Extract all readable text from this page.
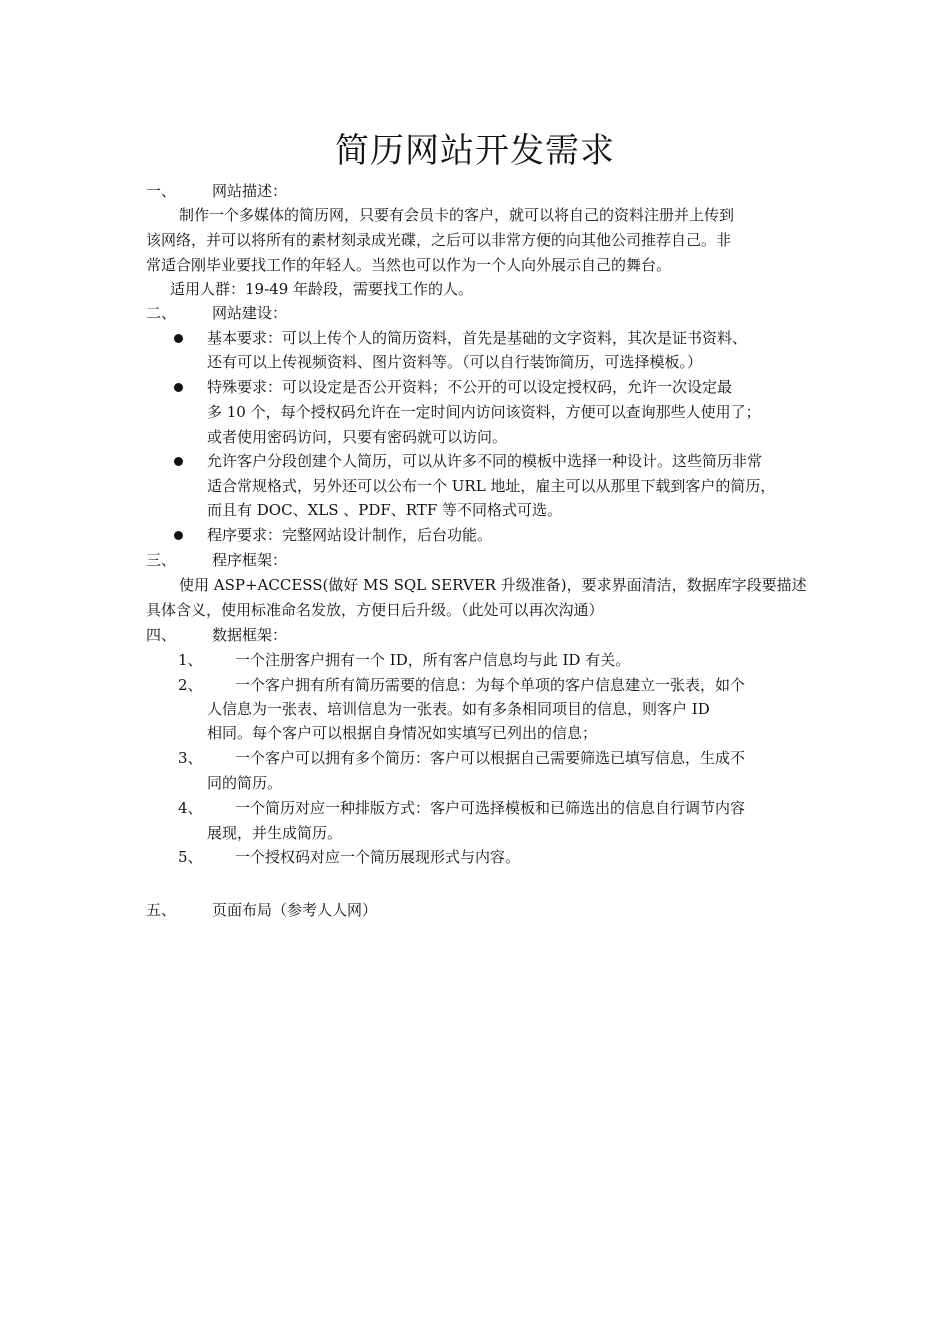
简历网站开发需求
一、 网站描述：
制作一个多媒体的简历网，只要有会员卡的客户，就可以将自己的资料注册并上传到
该网络，并可以将所有的素材刻录成光碟，之后可以非常方便的向其他公司推荐自己。非
常适合刚毕业要找工作的年轻人。当然也可以作为一个人向外展示自己的舞台。
适用人群：19-49 年龄段，需要找工作的人。
二、 网站建设：
基本要求：可以上传个人的简历资料，首先是基础的文字资料，其次是证书资料、
还有可以上传视频资料、图片资料等。（可以自行装饰简历，可选择模板。）
特殊要求：可以设定是否公开资料；不公开的可以设定授权码，允许一次设定最
多 10 个，每个授权码允许在一定时间内访问该资料，方便可以查询那些人使用了；
或者使用密码访问，只要有密码就可以访问。
允许客户分段创建个人简历，可以从许多不同的模板中选择一种设计。这些简历非常
适合常规格式，另外还可以公布一个 URL 地址，雇主可以从那里下载到客户的简历，
而且有 DOC、XLS 、PDF、RTF 等不同格式可选。
程序要求：完整网站设计制作，后台功能。
三、 程序框架：
使用 ASP+ACCESS(做好 MS SQL SERVER 升级准备)，要求界面清洁，数据库字段要描述
具体含义，使用标准命名发放，方便日后升级。（此处可以再次沟通）
四、 数据框架：
1、 一个注册客户拥有一个 ID，所有客户信息均与此 ID 有关。
2、 一个客户拥有所有简历需要的信息：为每个单项的客户信息建立一张表，如个
人信息为一张表、培训信息为一张表。如有多条相同项目的信息，则客户 ID
相同。每个客户可以根据自身情况如实填写已列出的信息；
3、 一个客户可以拥有多个简历：客户可以根据自己需要筛选已填写信息，生成不
同的简历。
4、 一个简历对应一种排版方式：客户可选择模板和已筛选出的信息自行调节内容
展现，并生成简历。
5、 一个授权码对应一个简历展现形式与内容。
五、 页面布局（参考人人网）
